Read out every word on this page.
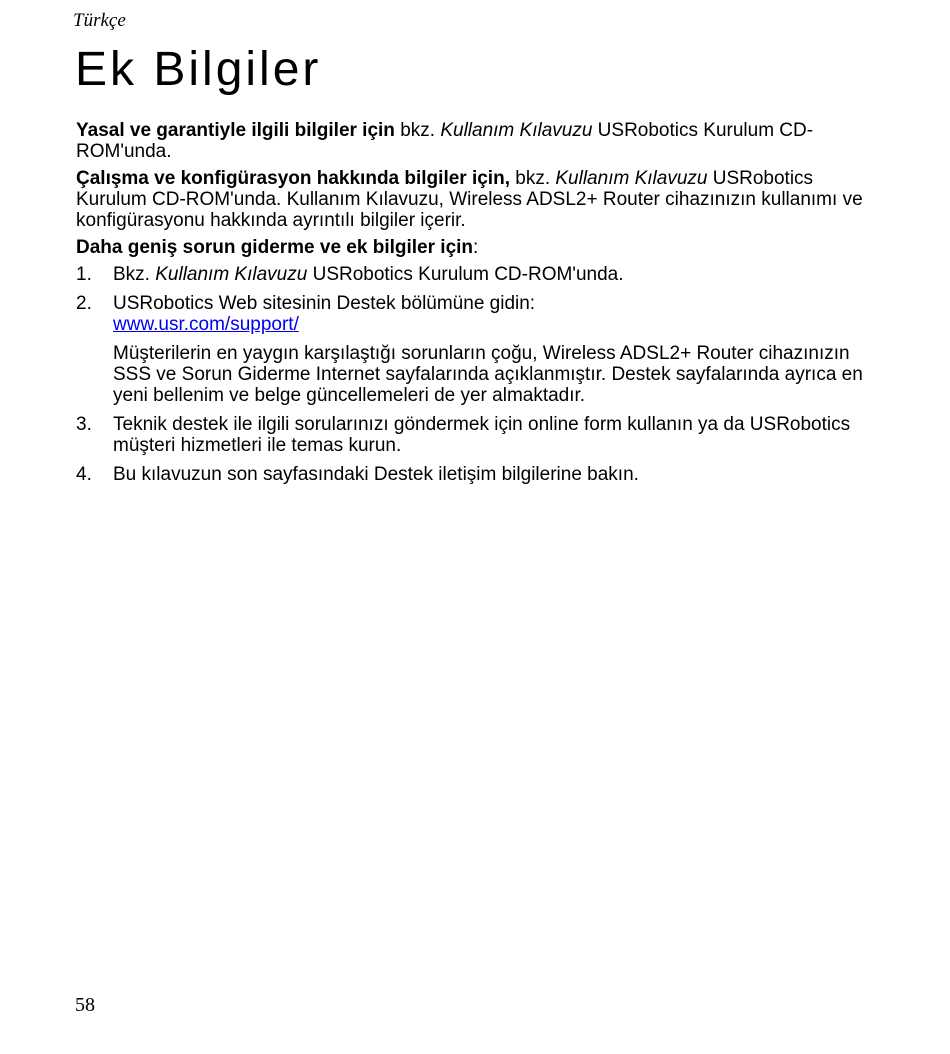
Türkçe
Ek Bilgiler

Yasal ve garantiyle ilgili bilgiler için bkz. Kullanım Kılavuzu USRobotics Kurulum CD-ROM'unda.

Çalışma ve konfigürasyon hakkında bilgiler için, bkz. Kullanım Kılavuzu USRobotics Kurulum CD-ROM'unda. Kullanım Kılavuzu, Wireless ADSL2+ Router cihazınızın kullanımı ve konfigürasyonu hakkında ayrıntılı bilgiler içerir.

Daha geniş sorun giderme ve ek bilgiler için:

1. Bkz. Kullanım Kılavuzu USRobotics Kurulum CD-ROM'unda.

2. USRobotics Web sitesinin Destek bölümüne gidin:
www.usr.com/support/

Müşterilerin en yaygın karşılaştığı sorunların çoğu, Wireless ADSL2+ Router cihazınızın SSS ve Sorun Giderme Internet sayfalarında açıklanmıştır. Destek sayfalarında ayrıca en yeni bellenim ve belge güncellemeleri de yer almaktadır.

3. Teknik destek ile ilgili sorularınızı göndermek için online form kullanın ya da USRobotics müşteri hizmetleri ile temas kurun.

4. Bu kılavuzun son sayfasındaki Destek iletişim bilgilerine bakın.

58
